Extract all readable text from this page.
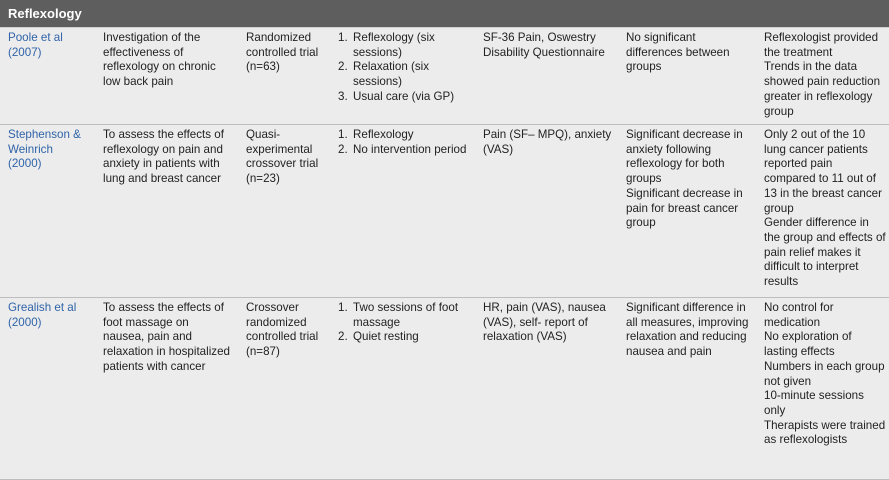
Reflexology
Poole et al (2007)
Investigation of the effectiveness of reflexology on chronic low back pain
Randomized controlled trial (n=63)
1. Reflexology (six sessions)
2. Relaxation (six sessions)
3. Usual care (via GP)
SF-36 Pain, Oswestry Disability Questionnaire
No significant differences between groups
Reflexologist provided the treatment
Trends in the data showed pain reduction greater in reflexology group
Stephenson & Weinrich (2000)
To assess the effects of reflexology on pain and anxiety in patients with lung and breast cancer
Quasi-experimental crossover trial (n=23)
1. Reflexology
2. No intervention period
Pain (SF– MPQ), anxiety (VAS)
Significant decrease in anxiety following reflexology for both groups
Significant decrease in pain for breast cancer group
Only 2 out of the 10 lung cancer patients reported pain compared to 11 out of 13 in the breast cancer group
Gender difference in the group and effects of pain relief makes it difficult to interpret results
Grealish et al (2000)
To assess the effects of foot massage on nausea, pain and relaxation in hospitalized patients with cancer
Crossover randomized controlled trial (n=87)
1. Two sessions of foot massage
2. Quiet resting
HR, pain (VAS), nausea (VAS), self- report of relaxation (VAS)
Significant difference in all measures, improving relaxation and reducing nausea and pain
No control for medication
No exploration of lasting effects
Numbers in each group not given
10-minute sessions only
Therapists were trained as reflexologists
